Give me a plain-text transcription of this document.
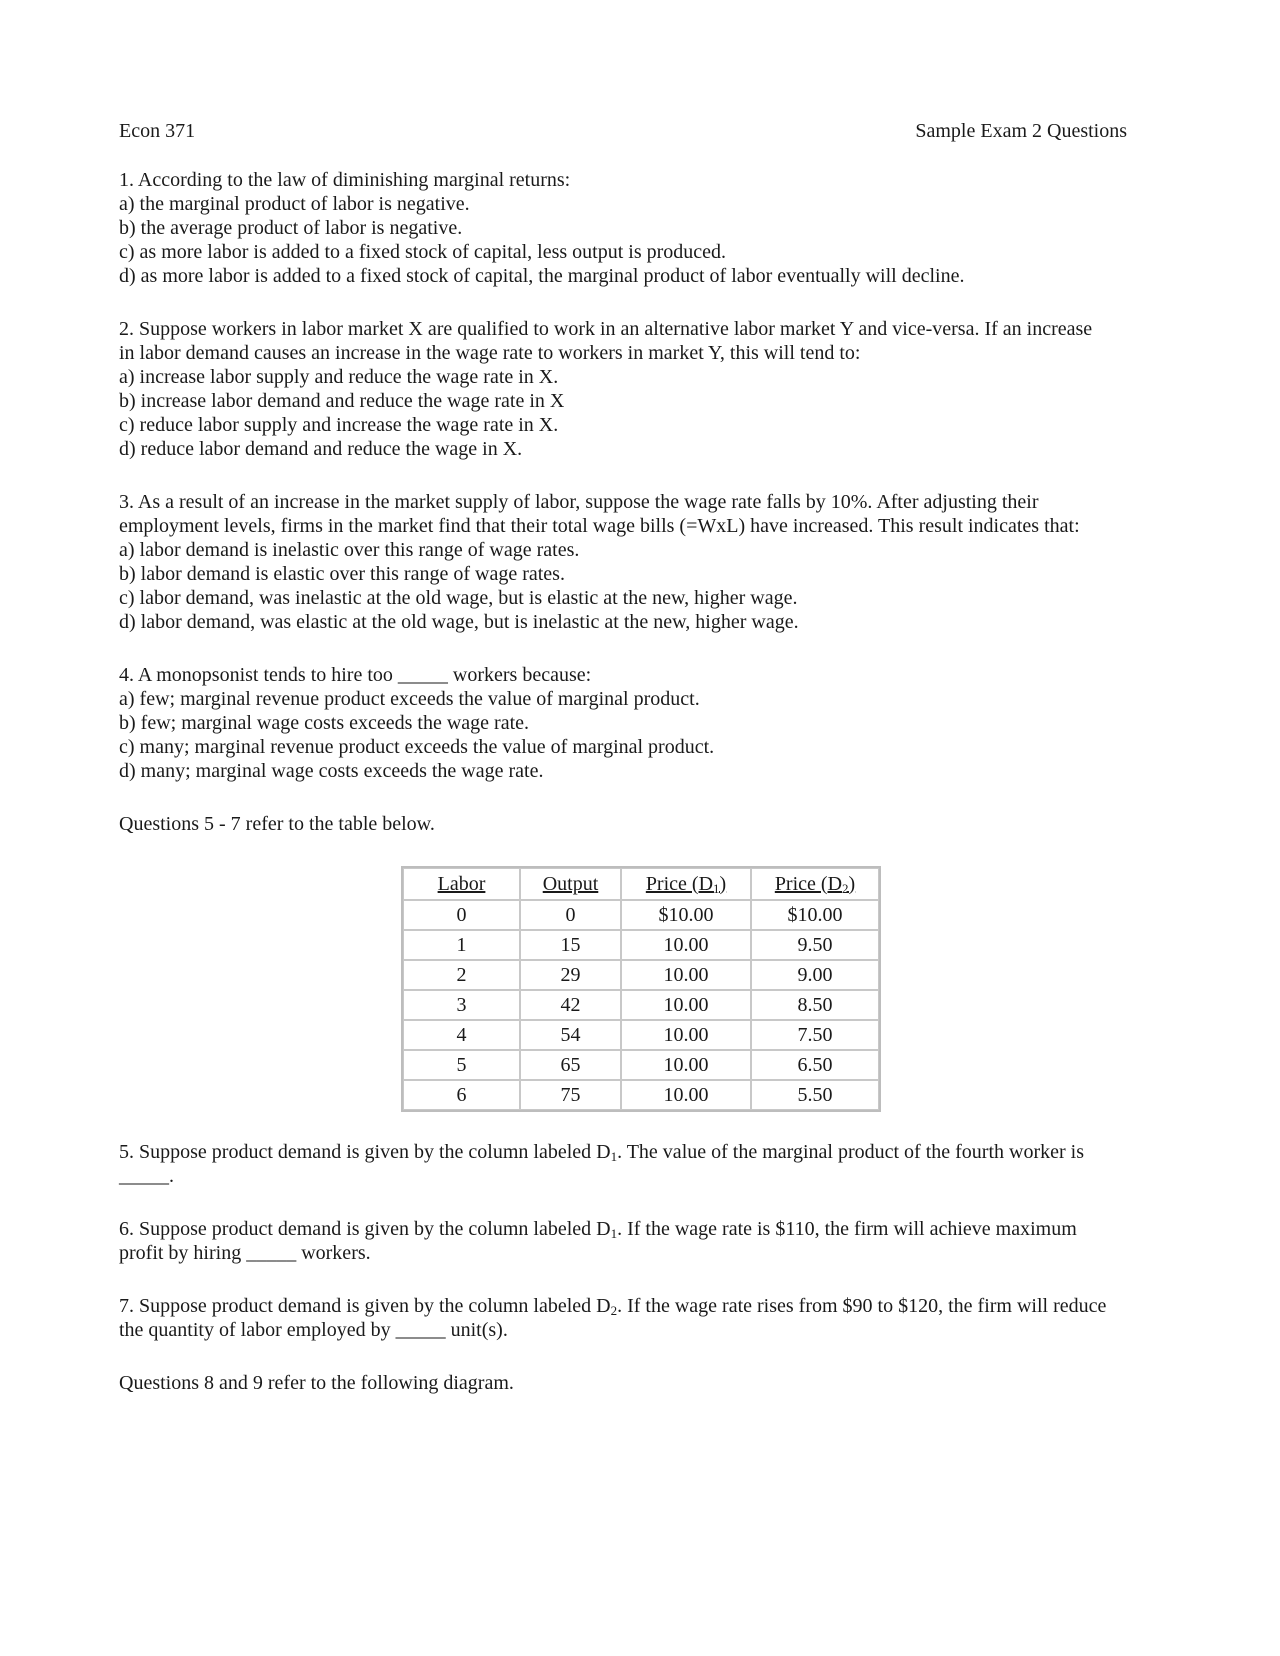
Econ 371	Sample Exam 2 Questions
1. According to the law of diminishing marginal returns:
a) the marginal product of labor is negative.
b) the average product of labor is negative.
c) as more labor is added to a fixed stock of capital, less output is produced.
d) as more labor is added to a fixed stock of capital, the marginal product of labor eventually will decline.
2. Suppose workers in labor market X are qualified to work in an alternative labor market Y and vice-versa. If an increase
in labor demand causes an increase in the wage rate to workers in market Y, this will tend to:
a) increase labor supply and reduce the wage rate in X.
b) increase labor demand and reduce the wage rate in X
c) reduce labor supply and increase the wage rate in X.
d) reduce labor demand and reduce the wage in X.
3. As a result of an increase in the market supply of labor, suppose the wage rate falls by 10%. After adjusting their
employment levels, firms in the market find that their total wage bills (=WxL) have increased. This result indicates that:
a) labor demand is inelastic over this range of wage rates.
b) labor demand is elastic over this range of wage rates.
c) labor demand, was inelastic at the old wage, but is elastic at the new, higher wage.
d) labor demand, was elastic at the old wage, but is inelastic at the new, higher wage.
4. A monopsonist tends to hire too _____ workers because:
a) few; marginal revenue product exceeds the value of marginal product.
b) few; marginal wage costs exceeds the wage rate.
c) many; marginal revenue product exceeds the value of marginal product.
d) many; marginal wage costs exceeds the wage rate.
Questions 5 - 7 refer to the table below.
Labor	Output	Price $(D_1)$	Price $(D_2)$
0	0	$10.00	$10.00
1	15	10.00	9.50
2	29	10.00	9.00
3	42	10.00	8.50
4	54	10.00	7.50
5	65	10.00	6.50
6	75	10.00	5.50
5. Suppose product demand is given by the column labeled $D_1$. The value of the marginal product of the fourth worker is
_____.
6. Suppose product demand is given by the column labeled $D_1$. If the wage rate is $110, the firm will achieve maximum
profit by hiring _____ workers.
7. Suppose product demand is given by the column labeled $D_2$. If the wage rate rises from $90 to $120, the firm will reduce
the quantity of labor employed by _____ unit(s).
Questions 8 and 9 refer to the following diagram.
